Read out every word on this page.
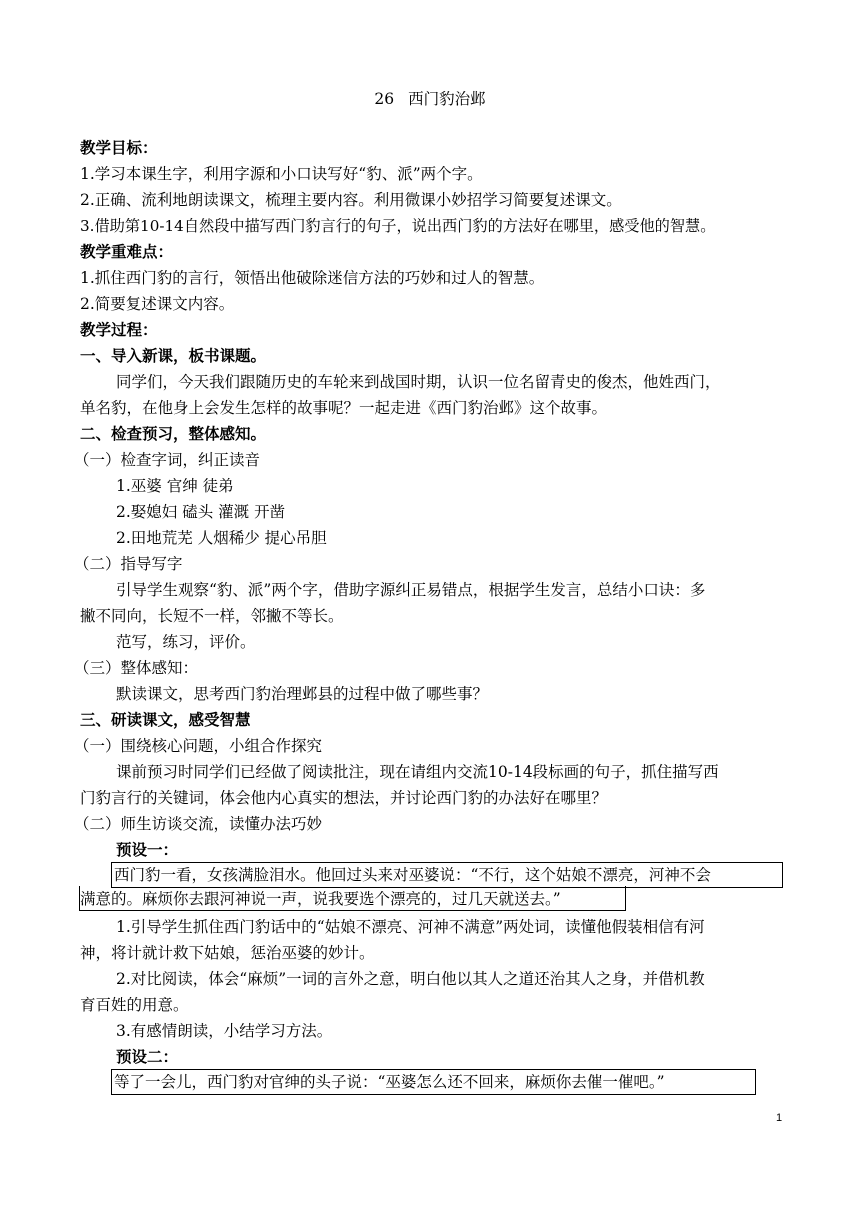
26 西门豹治邺
教学目标：
1.学习本课生字，利用字源和小口诀写好“豹、派”两个字。
2.正确、流利地朗读课文，梳理主要内容。利用微课小妙招学习简要复述课文。
3.借助第10-14自然段中描写西门豹言行的句子，说出西门豹的方法好在哪里，感受他的智慧。
教学重难点：
1.抓住西门豹的言行，领悟出他破除迷信方法的巧妙和过人的智慧。
2.简要复述课文内容。
教学过程：
一、导入新课，板书课题。
同学们，今天我们跟随历史的车轮来到战国时期，认识一位名留青史的俊杰，他姓西门，
单名豹，在他身上会发生怎样的故事呢？一起走进《西门豹治邺》这个故事。
二、检查预习，整体感知。
（一）检查字词，纠正读音
1.巫婆 官绅 徒弟
2.娶媳妇 磕头 灌溉 开凿
2.田地荒芜 人烟稀少 提心吊胆
（二）指导写字
引导学生观察“豹、派”两个字，借助字源纠正易错点，根据学生发言，总结小口诀：多
撇不同向，长短不一样，邻撇不等长。
范写，练习，评价。
（三）整体感知：
默读课文，思考西门豹治理邺县的过程中做了哪些事？
三、研读课文，感受智慧
（一）围绕核心问题，小组合作探究
课前预习时同学们已经做了阅读批注，现在请组内交流10-14段标画的句子，抓住描写西
门豹言行的关键词，体会他内心真实的想法，并讨论西门豹的办法好在哪里？
（二）师生访谈交流，读懂办法巧妙
预设一：
西门豹一看，女孩满脸泪水。他回过头来对巫婆说：“不行，这个姑娘不漂亮，河神不会
满意的。麻烦你去跟河神说一声，说我要选个漂亮的，过几天就送去。”
1.引导学生抓住西门豹话中的“姑娘不漂亮、河神不满意”两处词，读懂他假装相信有河
神，将计就计救下姑娘，惩治巫婆的妙计。
2.对比阅读，体会“麻烦”一词的言外之意，明白他以其人之道还治其人之身，并借机教
育百姓的用意。
3.有感情朗读，小结学习方法。
预设二：
等了一会儿，西门豹对官绅的头子说：“巫婆怎么还不回来，麻烦你去催一催吧。”
1
